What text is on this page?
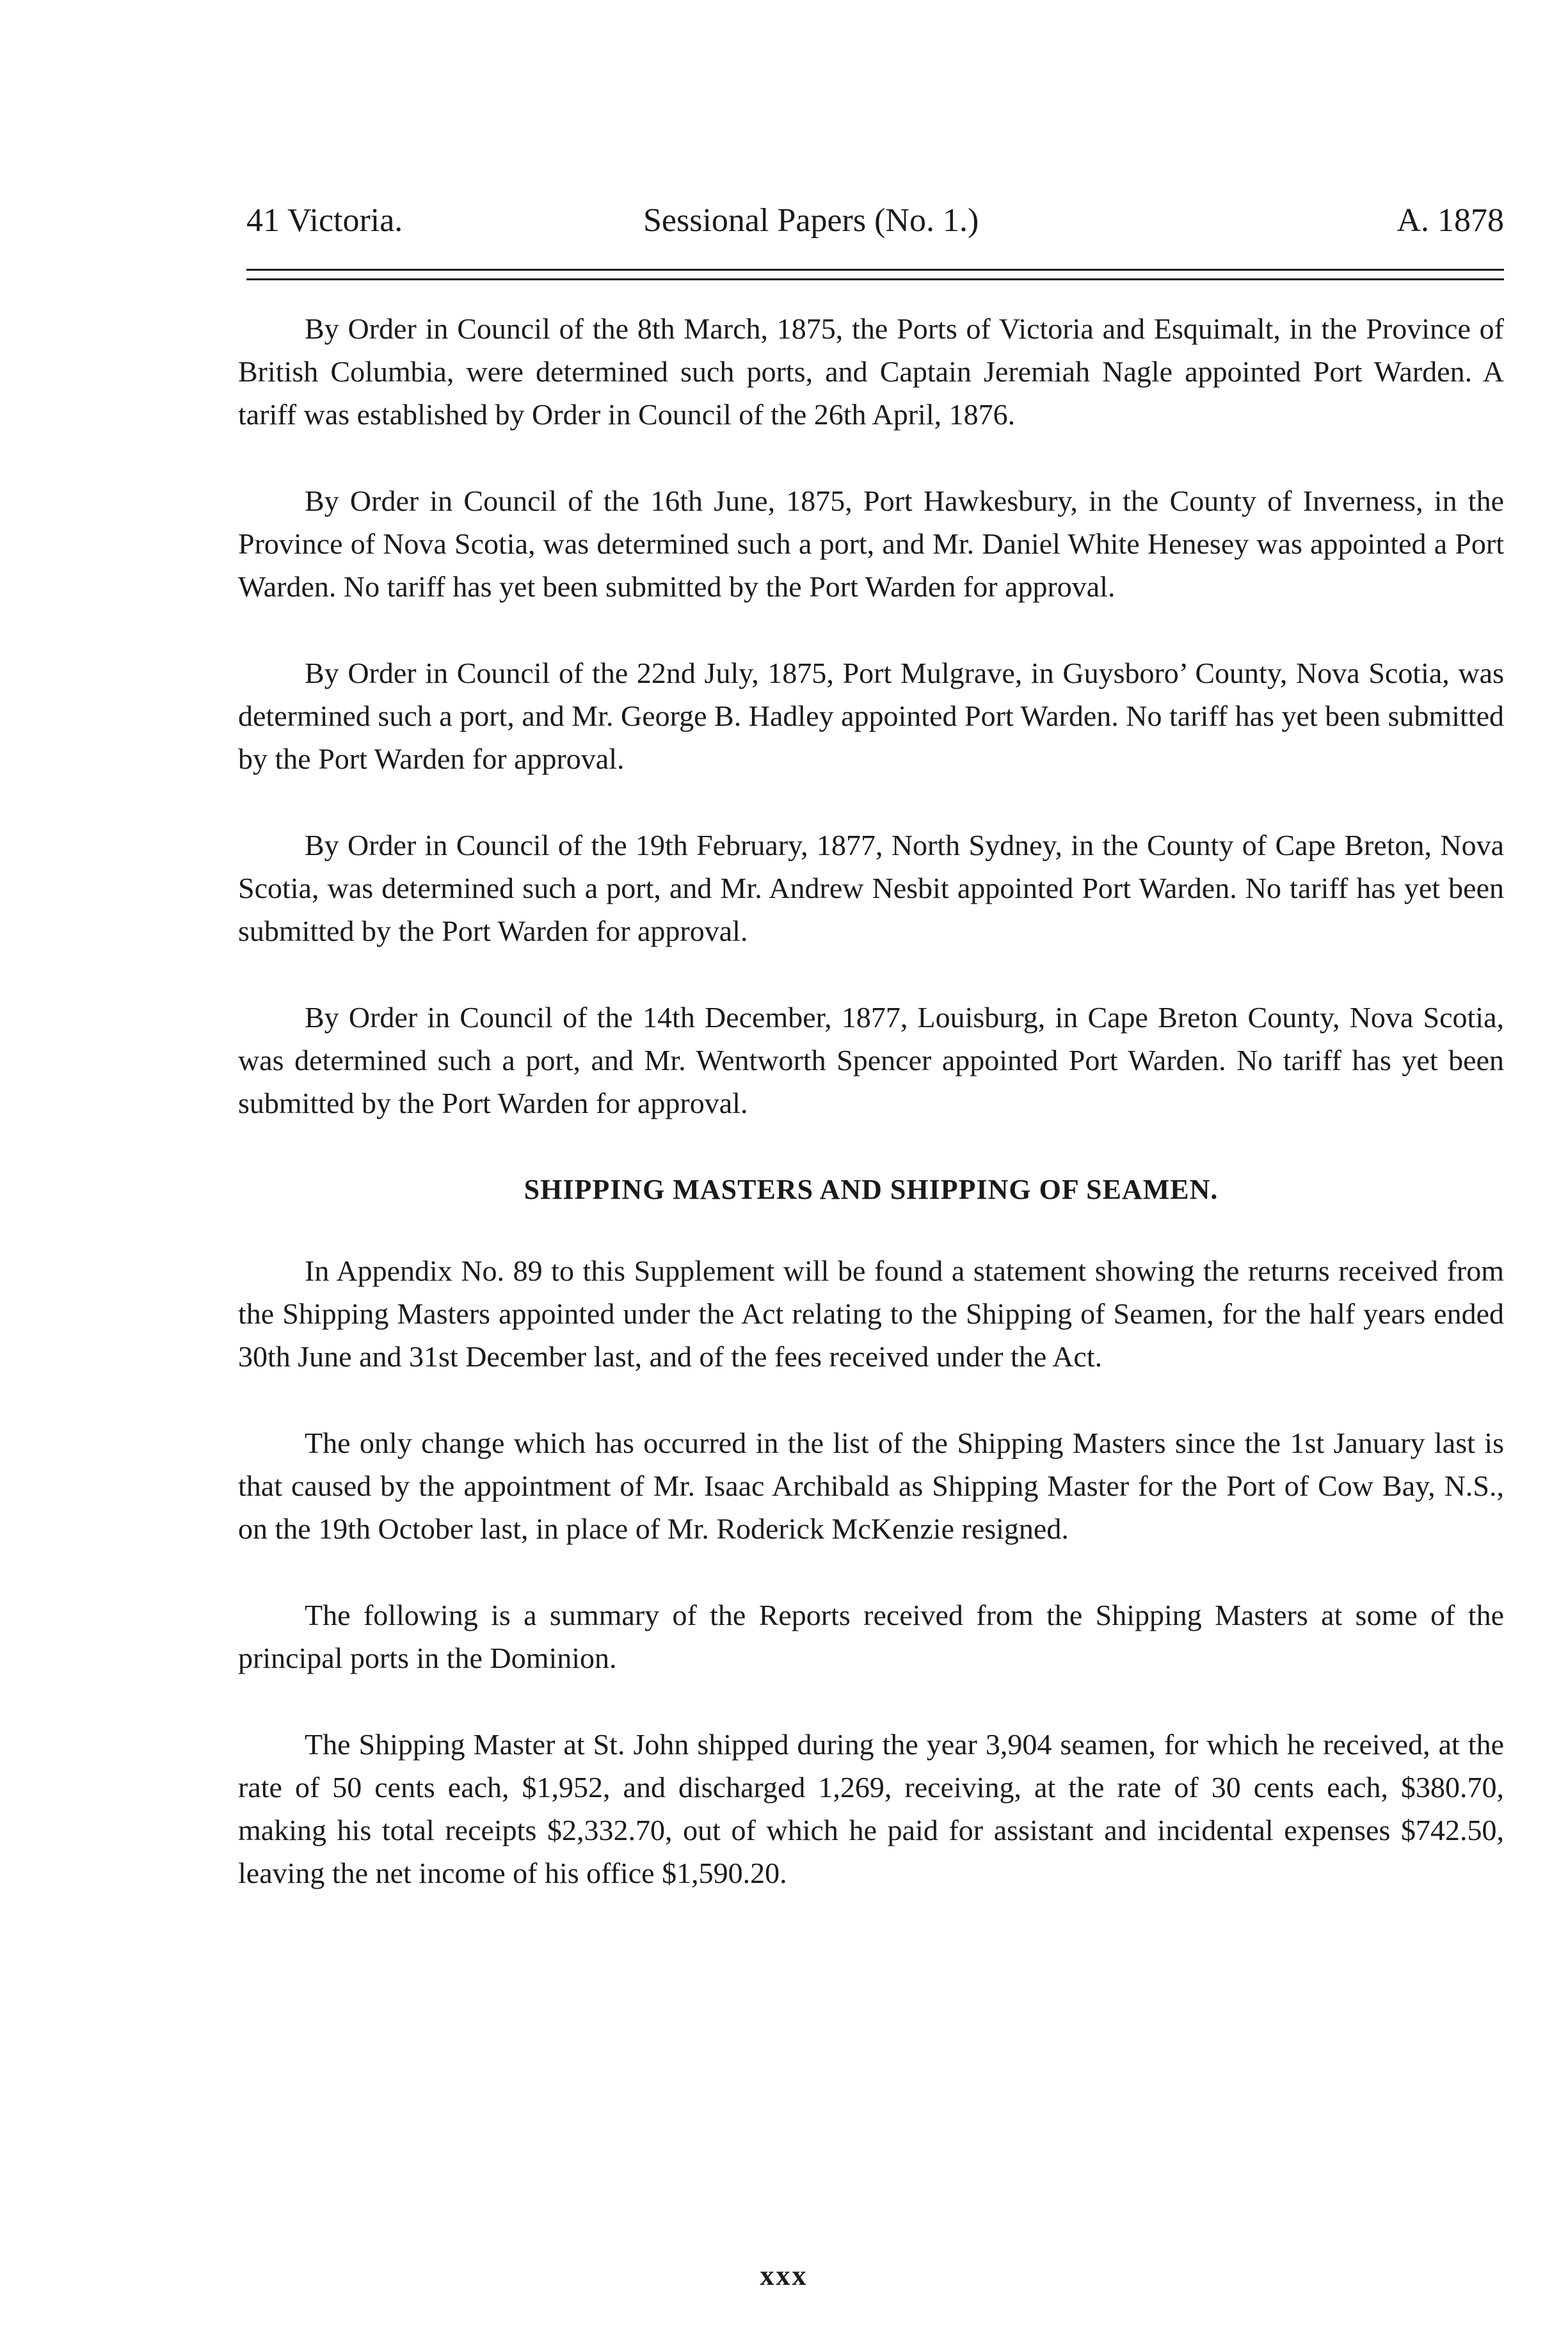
41 Victoria.	Sessional Papers (No. 1.)	A. 1878

By Order in Council of the 8th March, 1875, the Ports of Victoria and Esquimalt, in the Province of British Columbia, were determined such ports, and Captain Jeremiah Nagle appointed Port Warden. A tariff was established by Order in Council of the 26th April, 1876.

By Order in Council of the 16th June, 1875, Port Hawkesbury, in the County of Inverness, in the Province of Nova Scotia, was determined such a port, and Mr. Daniel White Henesey was appointed a Port Warden. No tariff has yet been submitted by the Port Warden for approval.

By Order in Council of the 22nd July, 1875, Port Mulgrave, in Guysboro’ County, Nova Scotia, was determined such a port, and Mr. George B. Hadley appointed Port Warden. No tariff has yet been submitted by the Port Warden for approval.

By Order in Council of the 19th February, 1877, North Sydney, in the County of Cape Breton, Nova Scotia, was determined such a port, and Mr. Andrew Nesbit appointed Port Warden. No tariff has yet been submitted by the Port Warden for approval.

By Order in Council of the 14th December, 1877, Louisburg, in Cape Breton County, Nova Scotia, was determined such a port, and Mr. Wentworth Spencer appointed Port Warden. No tariff has yet been submitted by the Port Warden for approval.

SHIPPING MASTERS AND SHIPPING OF SEAMEN.

In Appendix No. 89 to this Supplement will be found a statement showing the returns received from the Shipping Masters appointed under the Act relating to the Shipping of Seamen, for the half years ended 30th June and 31st December last, and of the fees received under the Act.

The only change which has occurred in the list of the Shipping Masters since the 1st January last is that caused by the appointment of Mr. Isaac Archibald as Shipping Master for the Port of Cow Bay, N.S., on the 19th October last, in place of Mr. Roderick McKenzie resigned.

The following is a summary of the Reports received from the Shipping Masters at some of the principal ports in the Dominion.

The Shipping Master at St. John shipped during the year 3,904 seamen, for which he received, at the rate of 50 cents each, $1,952, and discharged 1,269, receiving, at the rate of 30 cents each, $380.70, making his total receipts $2,332.70, out of which he paid for assistant and incidental expenses $742.50, leaving the net income of his office $1,590.20.

xxx
